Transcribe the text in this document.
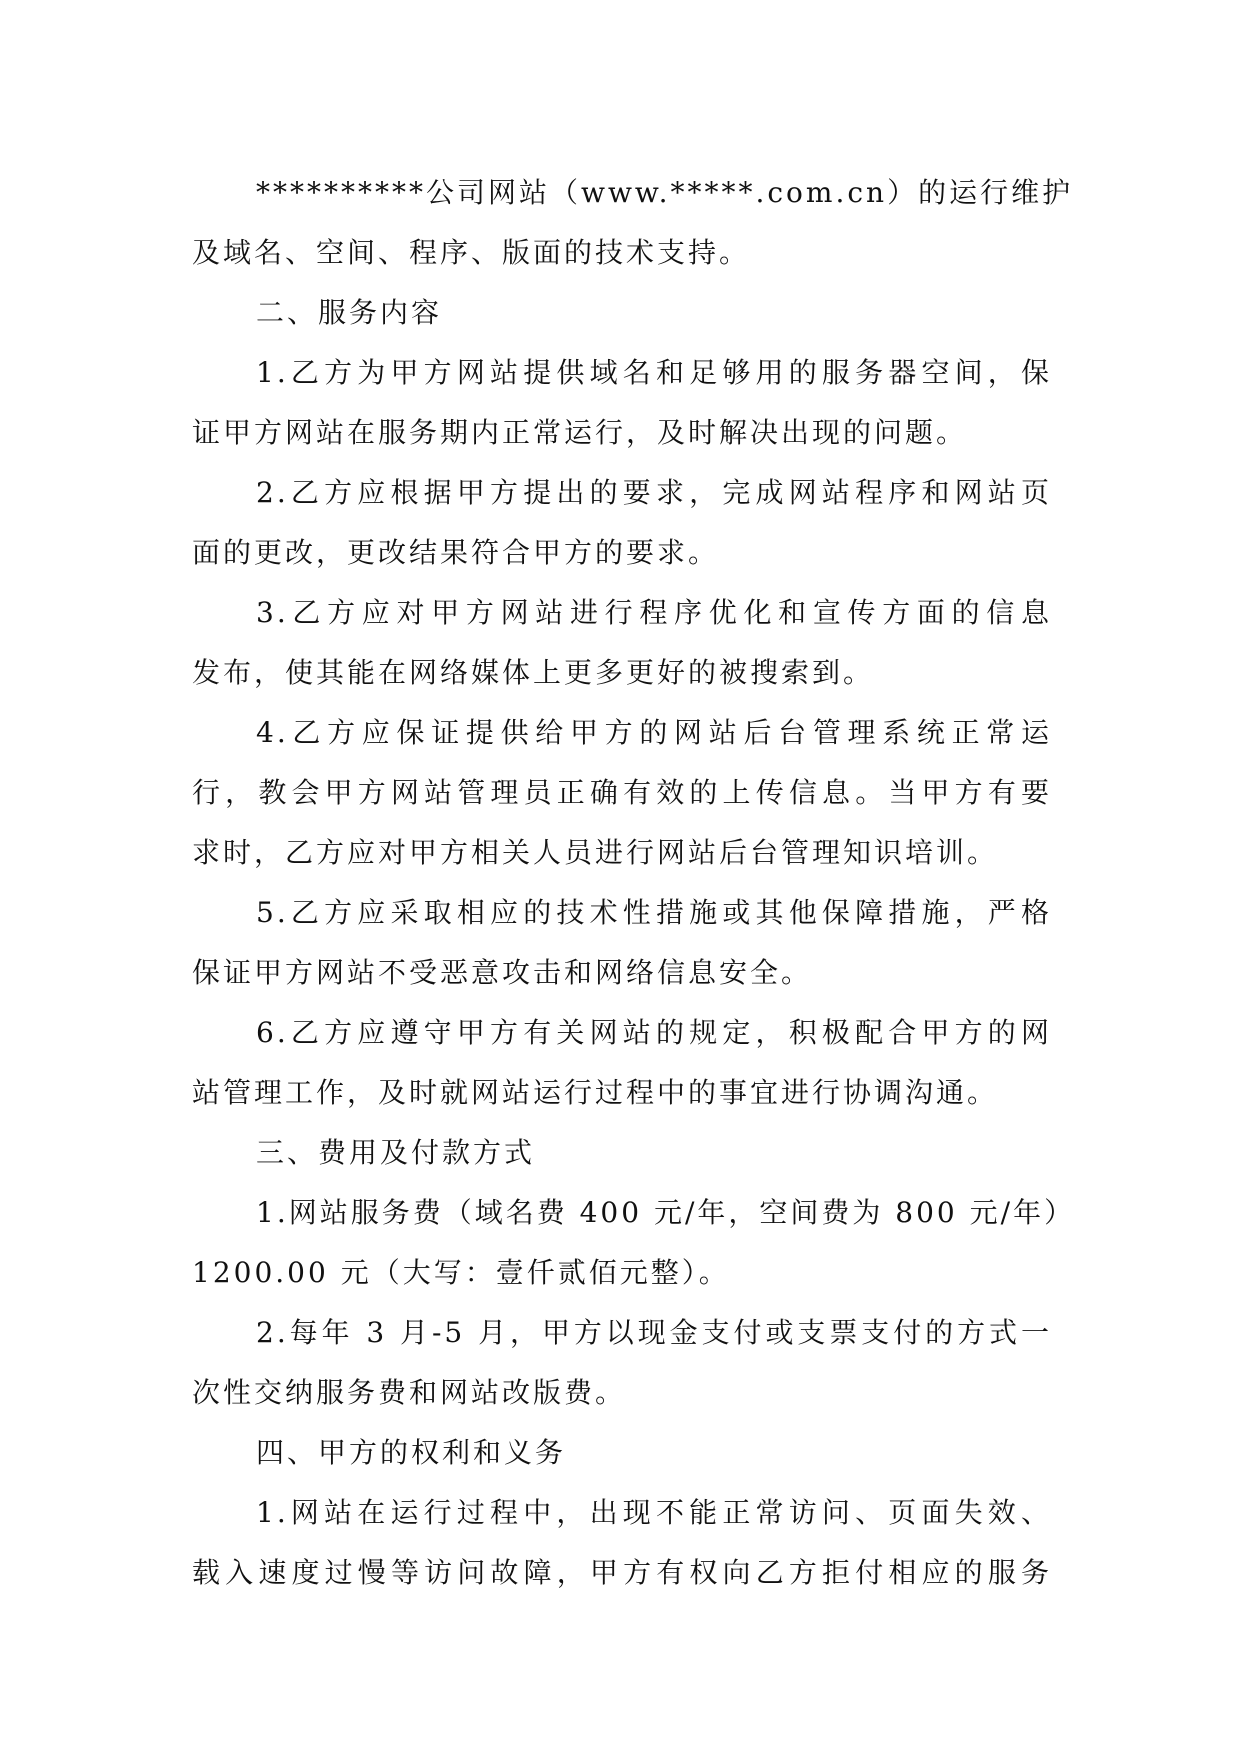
**********公司网站（www.*****.com.cn）的运行维护
及域名、空间、程序、版面的技术支持。
二、服务内容
1.乙方为甲方网站提供域名和足够用的服务器空间，保
证甲方网站在服务期内正常运行，及时解决出现的问题。
2.乙方应根据甲方提出的要求，完成网站程序和网站页
面的更改，更改结果符合甲方的要求。
3.乙方应对甲方网站进行程序优化和宣传方面的信息
发布，使其能在网络媒体上更多更好的被搜索到。
4.乙方应保证提供给甲方的网站后台管理系统正常运
行，教会甲方网站管理员正确有效的上传信息。当甲方有要
求时，乙方应对甲方相关人员进行网站后台管理知识培训。
5.乙方应采取相应的技术性措施或其他保障措施，严格
保证甲方网站不受恶意攻击和网络信息安全。
6.乙方应遵守甲方有关网站的规定，积极配合甲方的网
站管理工作，及时就网站运行过程中的事宜进行协调沟通。
三、费用及付款方式
1.网站服务费（域名费 400 元/年，空间费为 800 元/年）
1200.00 元（大写：壹仟贰佰元整）。
2.每年 3 月-5 月，甲方以现金支付或支票支付的方式一
次性交纳服务费和网站改版费。
四、甲方的权利和义务
1.网站在运行过程中，出现不能正常访问、页面失效、
载入速度过慢等访问故障，甲方有权向乙方拒付相应的服务
